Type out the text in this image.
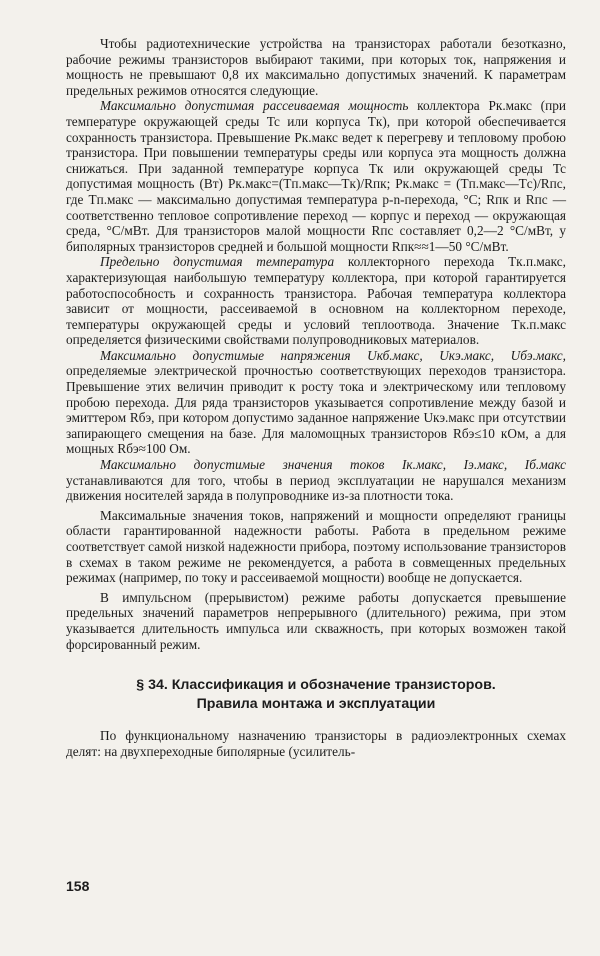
Чтобы радиотехнические устройства на транзисторах работали безотказно, рабочие режимы транзисторов выбирают такими, при которых ток, напряжения и мощность не превышают 0,8 их максимально допустимых значений. К параметрам предельных режимов относятся следующие.

Максимально допустимая рассеиваемая мощность коллектора Pк.макс (при температуре окружающей среды Tc или корпуса Tк), при которой обеспечивается сохранность транзистора. Превышение Pк.макс ведет к перегреву и тепловому пробою транзистора. При повышении температуры среды или корпуса эта мощность должна снижаться. При заданной температуре корпуса Tк или окружающей среды Tc допустимая мощность (Вт) Pк.макс=(Tп.макс—Tк)/Rпк; Pк.макс = (Tп.макс—Tс)/Rпс, где Tп.макс — максимально допустимая температура p-n-перехода, °C; Rпк и Rпс — соответственно тепловое сопротивление переход — корпус и переход — окружающая среда, °C/мВт. Для транзисторов малой мощности Rпс составляет 0,2—2 °C/мВт, у биполярных транзисторов средней и большой мощности Rпк≈≈1—50 °C/мВт.

Предельно допустимая температура коллекторного перехода Tк.п.макс, характеризующая наибольшую температуру коллектора, при которой гарантируется работоспособность и сохранность транзистора. Рабочая температура коллектора зависит от мощности, рассеиваемой в основном на коллекторном переходе, температуры окружающей среды и условий теплоотвода. Значение Tк.п.макс определяется физическими свойствами полупроводниковых материалов.

Максимально допустимые напряжения Uкб.макс, Uкэ.макс, Uбэ.макс, определяемые электрической прочностью соответствующих переходов транзистора. Превышение этих величин приводит к росту тока и электрическому или тепловому пробою перехода. Для ряда транзисторов указывается сопротивление между базой и эмиттером Rбэ, при котором допустимо заданное напряжение Uкэ.макс при отсутствии запирающего смещения на базе. Для маломощных транзисторов Rбэ≤10 кОм, а для мощных Rбэ≈100 Ом.

Максимально допустимые значения токов Iк.макс, Iэ.макс, Iб.макс устанавливаются для того, чтобы в период эксплуатации не нарушался механизм движения носителей заряда в полупроводнике из-за плотности тока.

Максимальные значения токов, напряжений и мощности определяют границы области гарантированной надежности работы. Работа в предельном режиме соответствует самой низкой надежности прибора, поэтому использование транзисторов в схемах в таком режиме не рекомендуется, а работа в совмещенных предельных режимах (например, по току и рассеиваемой мощности) вообще не допускается.

В импульсном (прерывистом) режиме работы допускается превышение предельных значений параметров непрерывного (длительного) режима, при этом указывается длительность импульса или скважность, при которых возможен такой форсированный режим.

§ 34. Классификация и обозначение транзисторов.
Правила монтажа и эксплуатации

По функциональному назначению транзисторы в радиоэлектронных схемах делят: на двухпереходные биполярные (усилитель-

158
